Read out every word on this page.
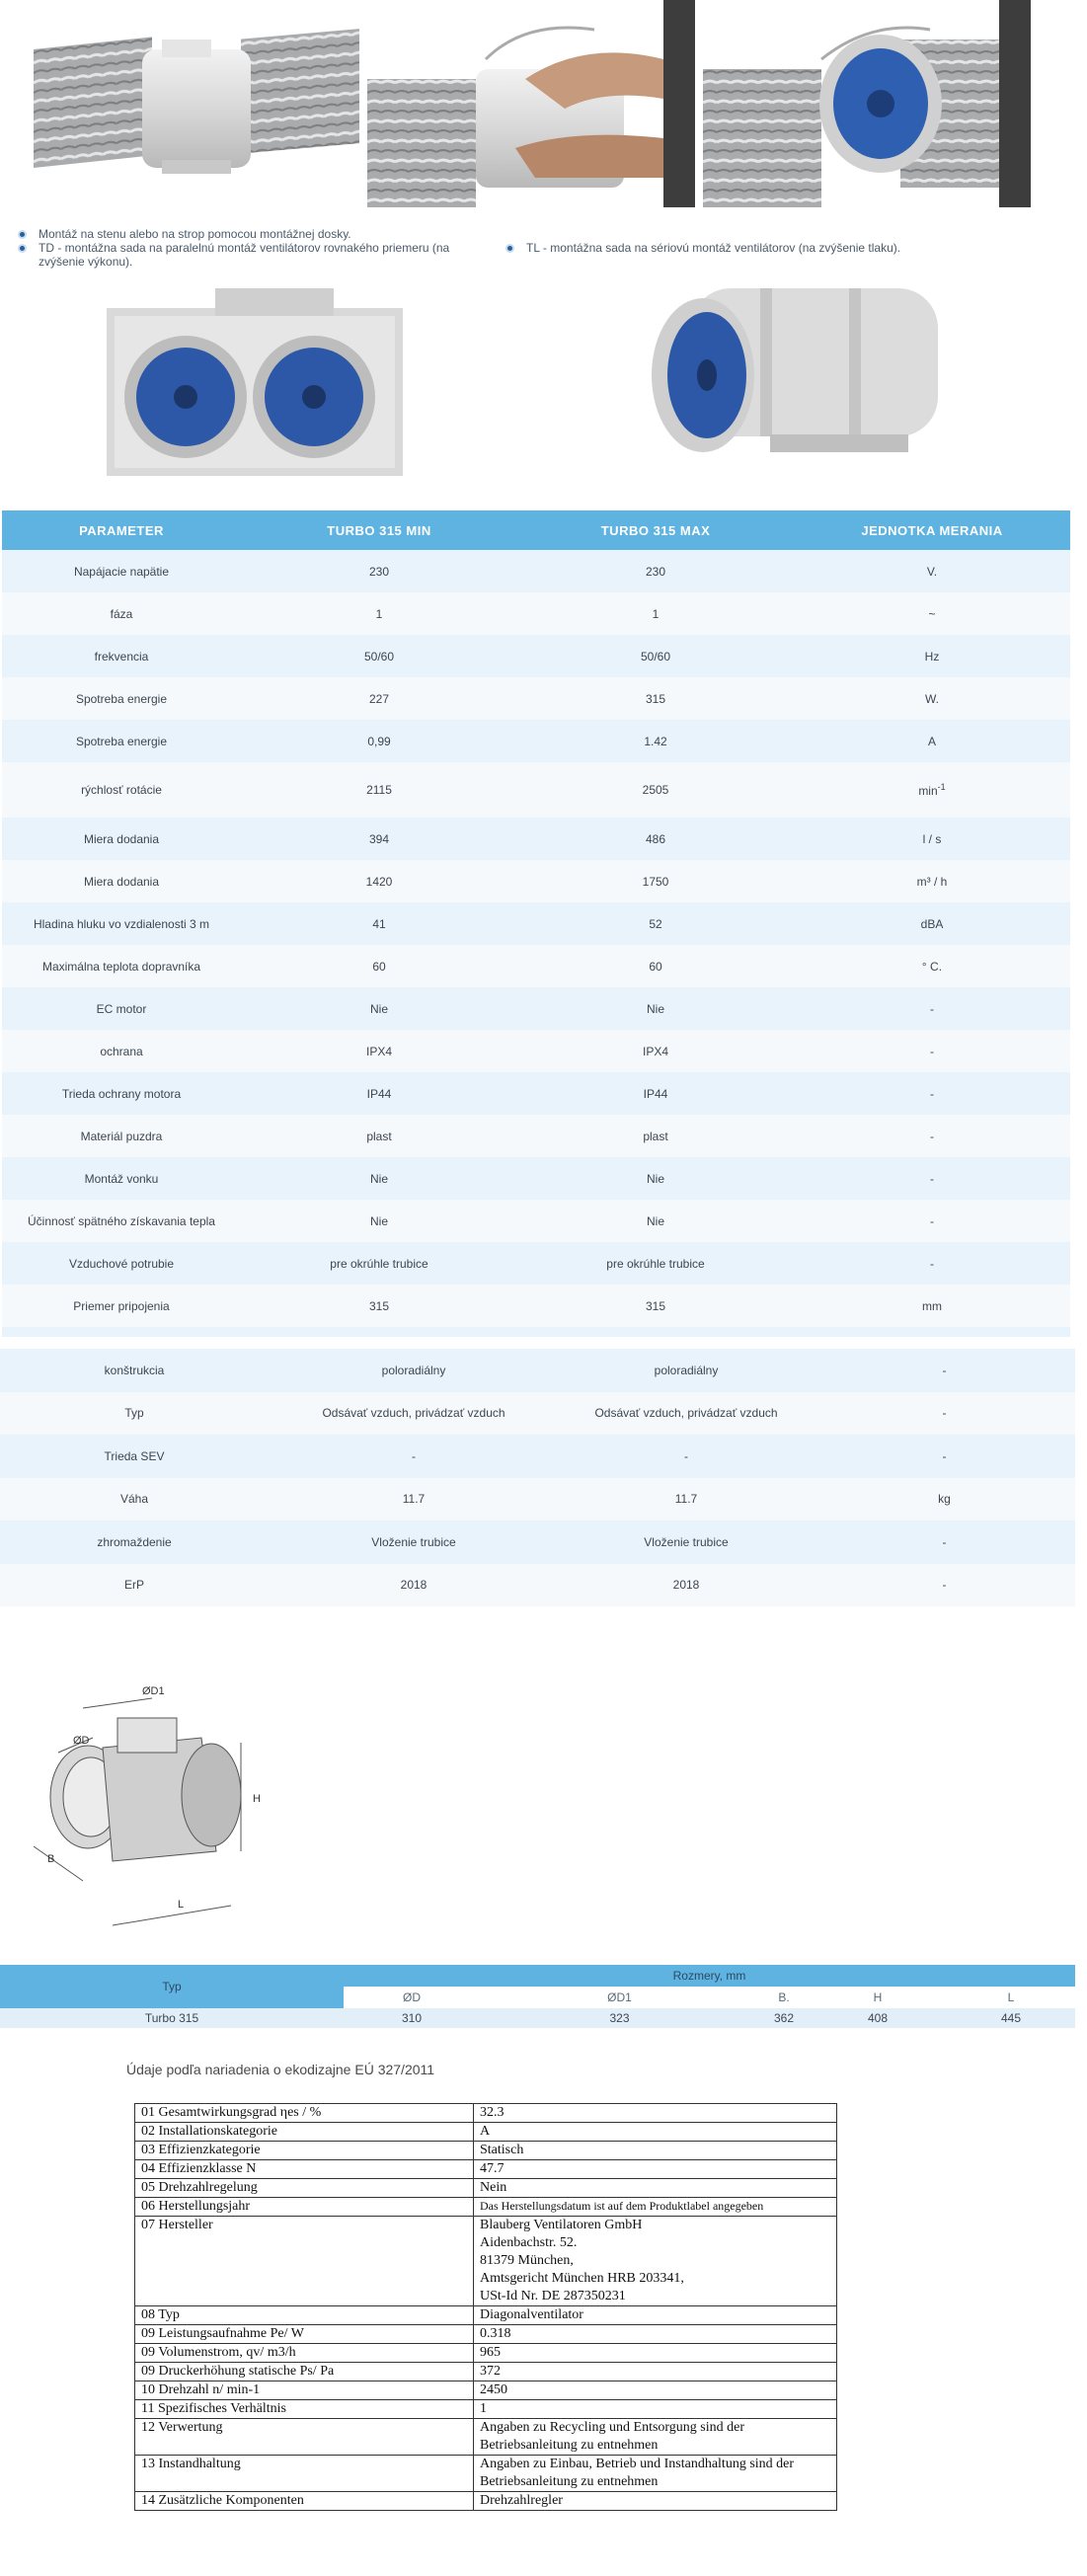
Montáž na stenu alebo na strop pomocou montážnej dosky.
TD - montážna sada na paralelnú montáž ventilátorov rovnakého priemeru (na zvýšenie výkonu).
TL - montážna sada na sériovú montáž ventilátorov (na zvýšenie tlaku).
PARAMETER	TURBO 315 MIN	TURBO 315 MAX	JEDNOTKA MERANIA
Napájacie napätie	230	230	V.
fáza	1	1	~
frekvencia	50/60	50/60	Hz
Spotreba energie	227	315	W.
Spotreba energie	0,99	1.42	A
rýchlosť rotácie	2115	2505	$\min^{-1}$
Miera dodania	394	486	l / s
Miera dodania	1420	1750	m³ / h
Hladina hluku vo vzdialenosti 3 m	41	52	dBA
Maximálna teplota dopravníka	60	60	° C.
EC motor	Nie	Nie	-
ochrana	IPX4	IPX4	-
Trieda ochrany motora	IP44	IP44	-
Materiál puzdra	plast	plast	-
Montáž vonku	Nie	Nie	-
Účinnosť spätného získavania tepla	Nie	Nie	-
Vzduchové potrubie	pre okrúhle trubice	pre okrúhle trubice	-
Priemer pripojenia	315	315	mm

konštrukcia	poloradiálny	poloradiálny	-
Typ	Odsávať vzduch, privádzať vzduch	Odsávať vzduch, privádzať vzduch	-
Trieda SEV	-	-	-
Váha	11.7	11.7	kg
zhromaždenie	Vloženie trubice	Vloženie trubice	-
ErP	2018	2018	-
ØD1
ØD
B
H
L
Typ	Rozmery, mm				
	ØD	ØD1	B.	H	L
Turbo 315	310	323	362	408	445
Údaje podľa nariadenia o ekodizajne EÚ 327/2011
01 Gesamtwirkungsgrad ηes / %	32.3
02 Installationskategorie	A
03 Effizienzkategorie	Statisch
04 Effizienzklasse N	47.7
05 Drehzahlregelung	Nein
06 Herstellungsjahr	Das Herstellungsdatum ist auf dem Produktlabel angegeben
07 Hersteller	Blauberg Ventilatoren GmbH
Aidenbachstr. 52.
81379 München,
Amtsgericht München HRB 203341,
USt-Id Nr. DE 287350231
08 Typ	Diagonalventilator
09 Leistungsaufnahme Pe/ W	0.318
09 Volumenstrom, qv/ m3/h	965
09 Druckerhöhung statische Ps/ Pa	372
10 Drehzahl n/ min-1	2450
11 Spezifisches Verhältnis	1
12 Verwertung	Angaben zu Recycling und Entsorgung sind der Betriebsanleitung zu entnehmen
13 Instandhaltung	Angaben zu Einbau, Betrieb und Instandhaltung sind der Betriebsanleitung zu entnehmen
14 Zusätzliche Komponenten	Drehzahlregler
